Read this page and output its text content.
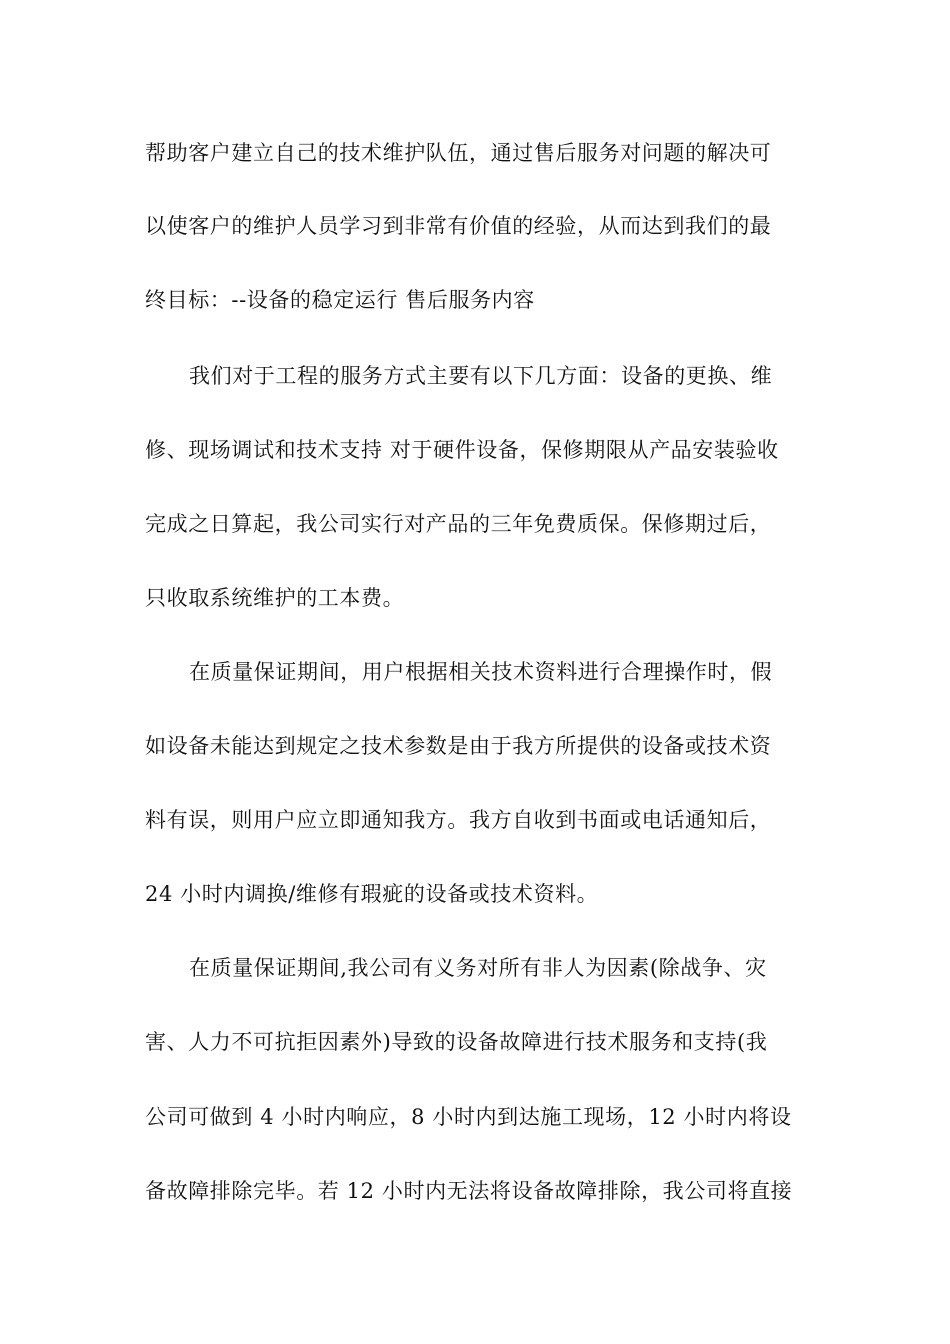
帮助客户建立自己的技术维护队伍，通过售后服务对问题的解决可
以使客户的维护人员学习到非常有价值的经验，从而达到我们的最
终目标：--设备的稳定运行 售后服务内容
我们对于工程的服务方式主要有以下几方面：设备的更换、维
修、现场调试和技术支持 对于硬件设备，保修期限从产品安装验收
完成之日算起，我公司实行对产品的三年免费质保。保修期过后，
只收取系统维护的工本费。
在质量保证期间，用户根据相关技术资料进行合理操作时，假
如设备未能达到规定之技术参数是由于我方所提供的设备或技术资
料有误，则用户应立即通知我方。我方自收到书面或电话通知后，
24 小时内调换/维修有瑕疵的设备或技术资料。
在质量保证期间,我公司有义务对所有非人为因素(除战争、灾
害、人力不可抗拒因素外)导致的设备故障进行技术服务和支持(我
公司可做到 4 小时内响应，8 小时内到达施工现场，12 小时内将设
备故障排除完毕。若 12 小时内无法将设备故障排除，我公司将直接
